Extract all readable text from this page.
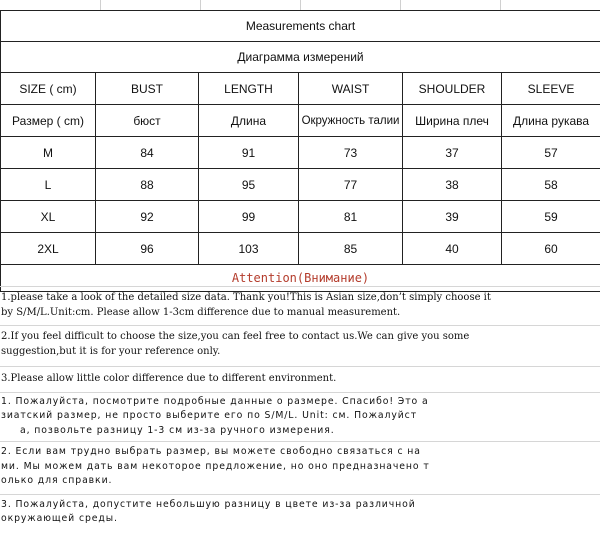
Measurements chart					
Диаграмма измерений					
SIZE ( cm)	BUST	LENGTH	WAIST	SHOULDER	SLEEVE
Размер ( cm)	бюст	Длина	Окружность талии	Ширина плеч	Длина рукава
M	84	91	73	37	57
L	88	95	77	38	58
XL	92	99	81	39	59
2XL	96	103	85	40	60
Attention(Внимание)					

1.please take a look of the detailed size data. Thank you!This is Asian size,don’t simply choose it

by S/M/L.Unit:cm. Please allow 1-3cm difference due to manual measurement.

2.If you feel difficult to choose the size,you can feel free to contact us.We can give you some

suggestion,but it is for your reference only.

3.Please allow little color difference due to different environment.

1. Пожалуйста, посмотрите подробные данные о размере. Спасибо! Это а

зиатский размер, не просто выберите его по S/M/L. Unit: см. Пожалуйст

а, позвольте разницу 1-3 см из-за ручного измерения.

2. Если вам трудно выбрать размер, вы можете свободно связаться с на

ми. Мы можем дать вам некоторое предложение, но оно предназначено т

олько для справки.

3. Пожалуйста, допустите небольшую разницу в цвете из-за различной

окружающей среды.
